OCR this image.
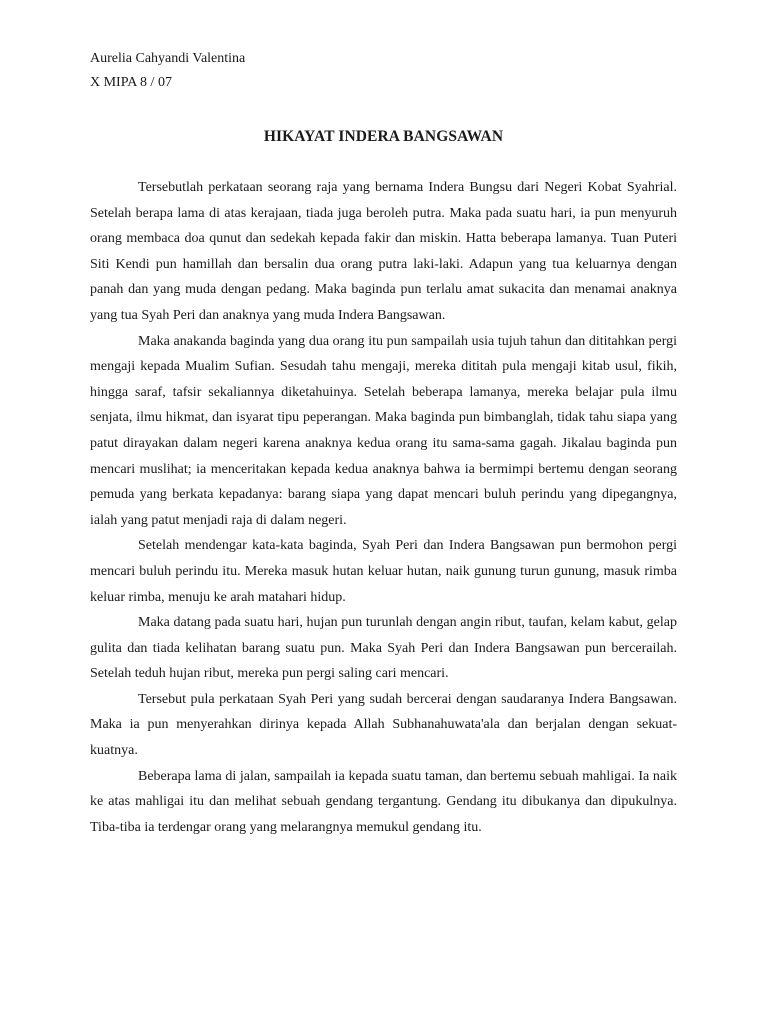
Aurelia Cahyandi Valentina

X MIPA 8 / 07

HIKAYAT INDERA BANGSAWAN

Tersebutlah perkataan seorang raja yang bernama Indera Bungsu dari Negeri Kobat Syahrial. Setelah berapa lama di atas kerajaan, tiada juga beroleh putra. Maka pada suatu hari, ia pun menyuruh orang membaca doa qunut dan sedekah kepada fakir dan miskin. Hatta beberapa lamanya. Tuan Puteri Siti Kendi pun hamillah dan bersalin dua orang putra laki-laki. Adapun yang tua keluarnya dengan panah dan yang muda dengan pedang. Maka baginda pun terlalu amat sukacita dan menamai anaknya yang tua Syah Peri dan anaknya yang muda Indera Bangsawan.

Maka anakanda baginda yang dua orang itu pun sampailah usia tujuh tahun dan dititahkan pergi mengaji kepada Mualim Sufian. Sesudah tahu mengaji, mereka dititah pula mengaji kitab usul, fikih, hingga saraf, tafsir sekaliannya diketahuinya. Setelah beberapa lamanya, mereka belajar pula ilmu senjata, ilmu hikmat, dan isyarat tipu peperangan. Maka baginda pun bimbanglah, tidak tahu siapa yang patut dirayakan dalam negeri karena anaknya kedua orang itu sama-sama gagah. Jikalau baginda pun mencari muslihat; ia menceritakan kepada kedua anaknya bahwa ia bermimpi bertemu dengan seorang pemuda yang berkata kepadanya: barang siapa yang dapat mencari buluh perindu yang dipegangnya, ialah yang patut menjadi raja di dalam negeri.

Setelah mendengar kata-kata baginda, Syah Peri dan Indera Bangsawan pun bermohon pergi mencari buluh perindu itu. Mereka masuk hutan keluar hutan, naik gunung turun gunung, masuk rimba keluar rimba, menuju ke arah matahari hidup.

Maka datang pada suatu hari, hujan pun turunlah dengan angin ribut, taufan, kelam kabut, gelap gulita dan tiada kelihatan barang suatu pun. Maka Syah Peri dan Indera Bangsawan pun bercerailah. Setelah teduh hujan ribut, mereka pun pergi saling cari mencari.

Tersebut pula perkataan Syah Peri yang sudah bercerai dengan saudaranya Indera Bangsawan. Maka ia pun menyerahkan dirinya kepada Allah Subhanahuwata'ala dan berjalan dengan sekuat-kuatnya.

Beberapa lama di jalan, sampailah ia kepada suatu taman, dan bertemu sebuah mahligai. Ia naik ke atas mahligai itu dan melihat sebuah gendang tergantung. Gendang itu dibukanya dan dipukulnya. Tiba-tiba ia terdengar orang yang melarangnya memukul gendang itu.
